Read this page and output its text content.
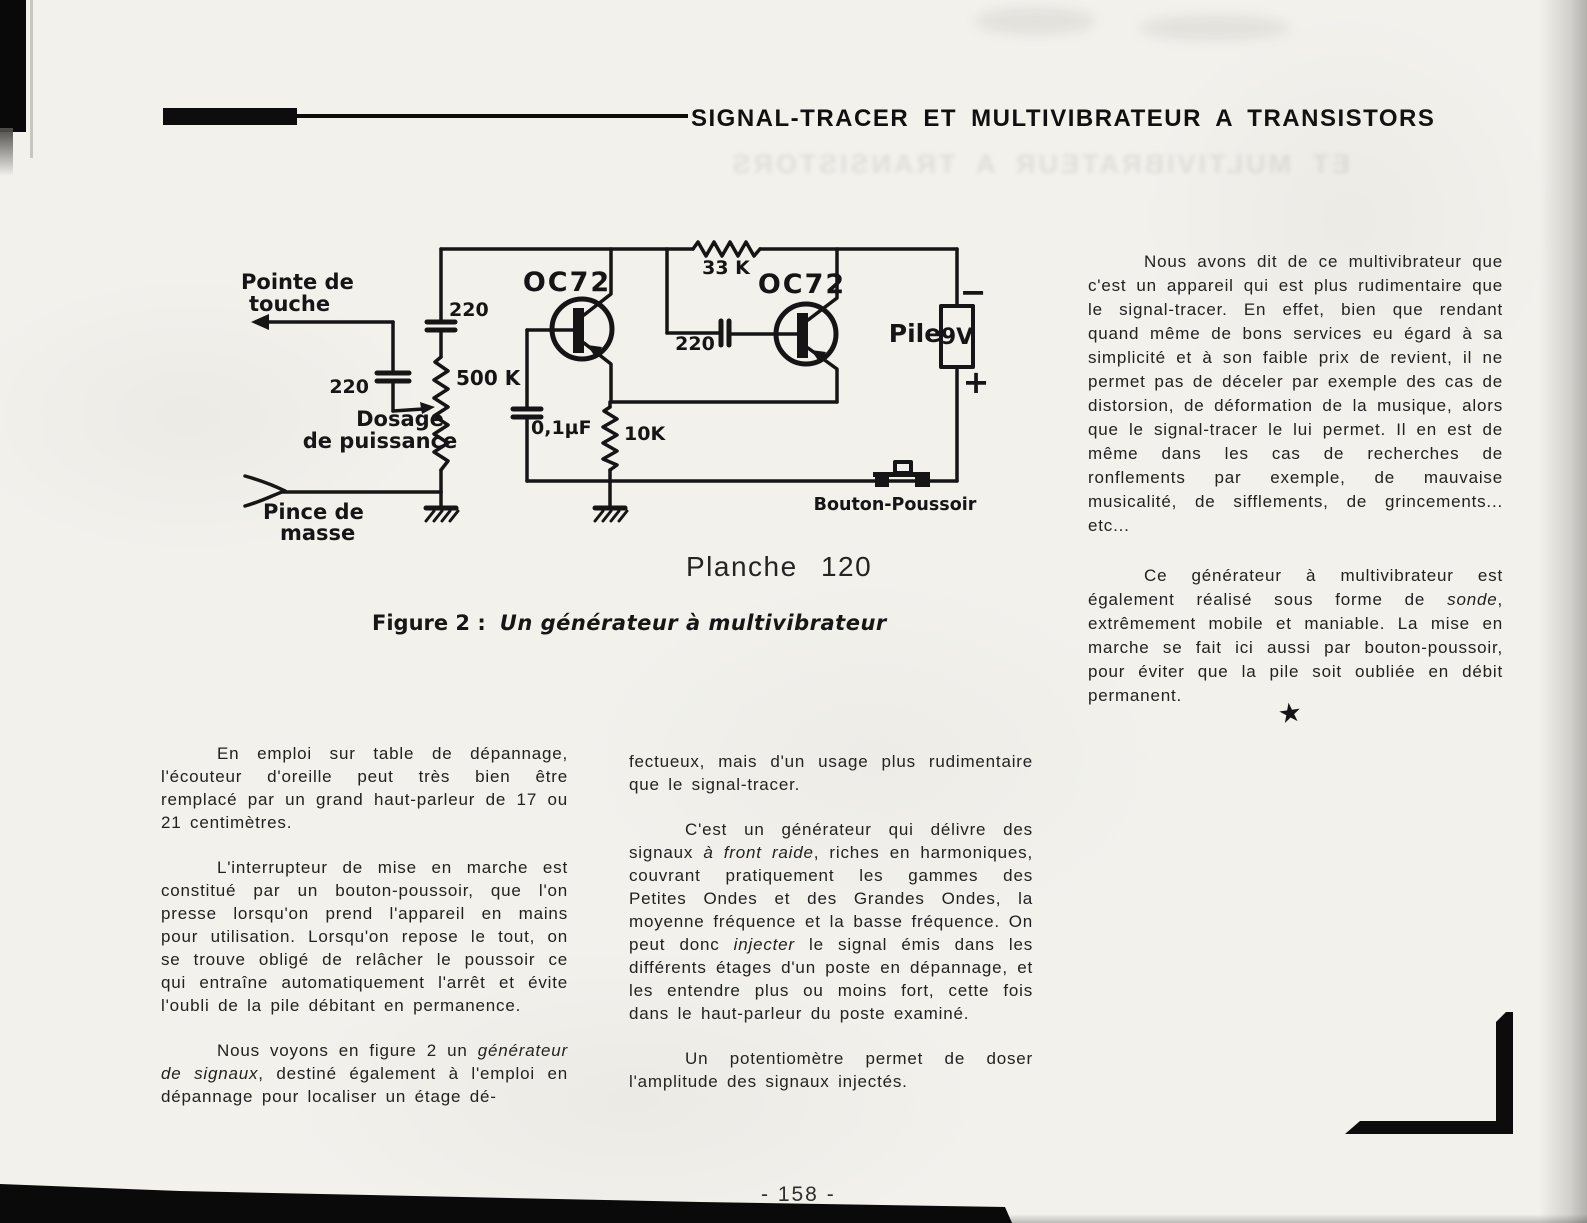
SIGNAL-TRACER ET MULTIVIBRATEUR A TRANSISTORS
ET MULTIVIBRATEUR A TRANSISTORS
Pointe de
touche
220
220
500 K
Dosage
de puissance
Pince de
masse
OC72	OC72
33 K
220
0,1µF 10K
Pile 9V
−
+
Bouton-Poussoir
Planche 120
Figure 2 : Un générateur à multivibrateur

En emploi sur table de dépannage, l'écouteur d'oreille peut très bien être remplacé par un grand haut-parleur de 17 ou 21 centimètres.

L'interrupteur de mise en marche est constitué par un bouton-poussoir, que l'on presse lorsqu'on prend l'appareil en mains pour utilisation. Lorsqu'on repose le tout, on se trouve obligé de relâcher le poussoir ce qui entraîne automatiquement l'arrêt et évite l'oubli de la pile débitant en permanence.

Nous voyons en figure 2 un générateur de signaux, destiné également à l'emploi en dépannage pour localiser un étage dé-

fectueux, mais d'un usage plus rudimentaire que le signal-tracer.

C'est un générateur qui délivre des signaux à front raide, riches en harmoniques, couvrant pratiquement les gammes des Petites Ondes et des Grandes Ondes, la moyenne fréquence et la basse fréquence. On peut donc injecter le signal émis dans les différents étages d'un poste en dépannage, et les entendre plus ou moins fort, cette fois dans le haut-parleur du poste examiné.

Un potentiomètre permet de doser l'amplitude des signaux injectés.

Nous avons dit de ce multivibrateur que c'est un appareil qui est plus rudimentaire que le signal-tracer. En effet, bien que rendant quand même de bons services eu égard à sa simplicité et à son faible prix de revient, il ne permet pas de déceler par exemple des cas de distorsion, de déformation de la musique, alors que le signal-tracer le lui permet. Il en est de même dans les cas de recherches de ronflements par exemple, de mauvaise musicalité, de sifflements, de grincements... etc...

Ce générateur à multivibrateur est également réalisé sous forme de sonde, extrêmement mobile et maniable. La mise en marche se fait ici aussi par bouton-poussoir, pour éviter que la pile soit oubliée en débit permanent.

★
- 158 -
